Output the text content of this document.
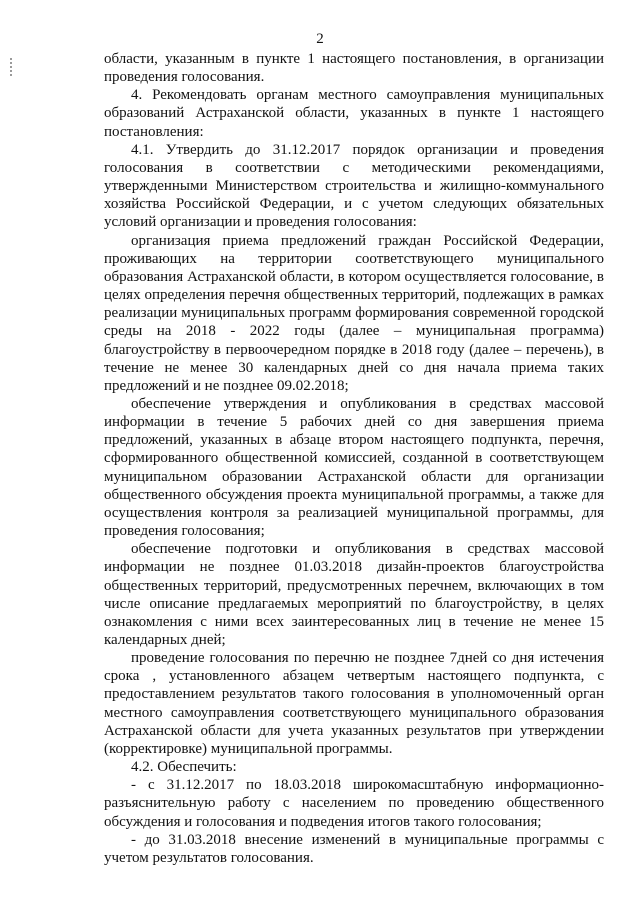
2

области, указанным в пункте 1 настоящего постановления, в организации проведения голосования.

4. Рекомендовать органам местного самоуправления муниципальных образований Астраханской области, указанных в пункте 1 настоящего постановления:

4.1. Утвердить до 31.12.2017 порядок организации и проведения голосования в соответствии с методическими рекомендациями, утвержденными Министерством строительства и жилищно-коммунального хозяйства Российской Федерации, и с учетом следующих обязательных условий организации и проведения голосования:

организация приема предложений граждан Российской Федерации, проживающих на территории соответствующего муниципального образования Астраханской области, в котором осуществляется голосование, в целях определения перечня общественных территорий, подлежащих в рамках реализации муниципальных программ формирования современной городской среды на 2018 - 2022 годы (далее – муниципальная программа) благоустройству в первоочередном порядке в 2018 году (далее – перечень), в течение не менее 30 календарных дней со дня начала приема таких предложений и не позднее 09.02.2018;

обеспечение утверждения и опубликования в средствах массовой информации в течение 5 рабочих дней со дня завершения приема предложений, указанных в абзаце втором настоящего подпункта, перечня, сформированного общественной комиссией, созданной в соответствующем муниципальном образовании Астраханской области для организации общественного обсуждения проекта муниципальной программы, а также для осуществления контроля за реализацией муниципальной программы, для проведения голосования;

обеспечение подготовки и опубликования в средствах массовой информации не позднее 01.03.2018 дизайн-проектов благоустройства общественных территорий, предусмотренных перечнем, включающих в том числе описание предлагаемых мероприятий по благоустройству, в целях ознакомления с ними всех заинтересованных лиц в течение не менее 15 календарных дней;

проведение голосования по перечню не позднее 7дней со дня истечения срока , установленного абзацем четвертым настоящего подпункта, с предоставлением результатов такого голосования в уполномоченный орган местного самоуправления соответствующего муниципального образования Астраханской области для учета указанных результатов при утверждении (корректировке) муниципальной программы.

4.2. Обеспечить:

- с 31.12.2017 по 18.03.2018 широкомасштабную информационно-разъяснительную работу с населением по проведению общественного обсуждения и голосования и подведения итогов такого голосования;

- до 31.03.2018 внесение изменений в муниципальные программы с учетом результатов голосования.
